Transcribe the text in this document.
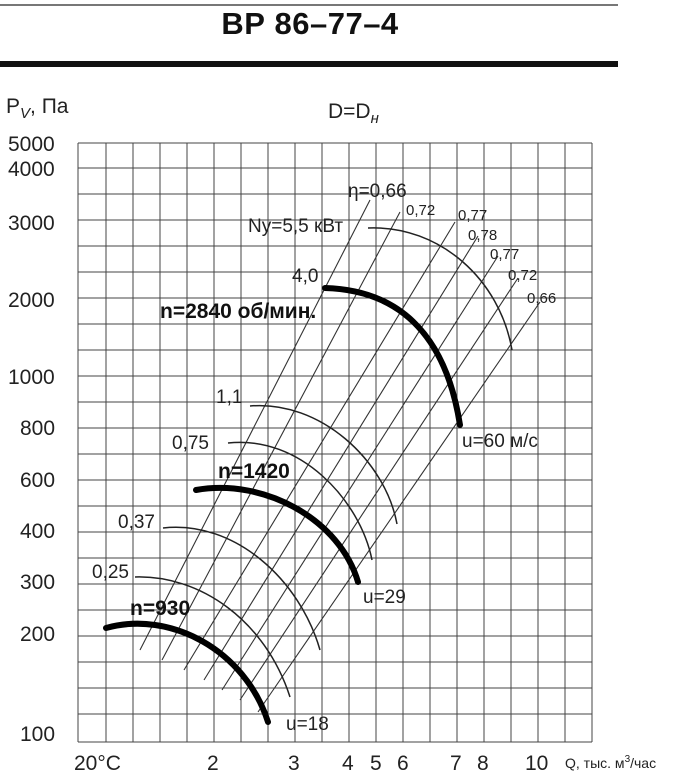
ВР 86–77–4
5000
4000
3000
2000
1000
800
600
400
300
200
100
20°C	2	3 4 5 6 7 8 10
$P_V$, Па	$D=D_н$
Q, тыс. $м^3$/час
η=0,66
0,72 0,77
0,78
0,77
0,72
0,66
Nу=5,5 кВт
4,0
1,1
0,75
0,37
0,25
n=2840 об/мин.
n=1420
n=930
u=60 м/с
u=29
u=18
